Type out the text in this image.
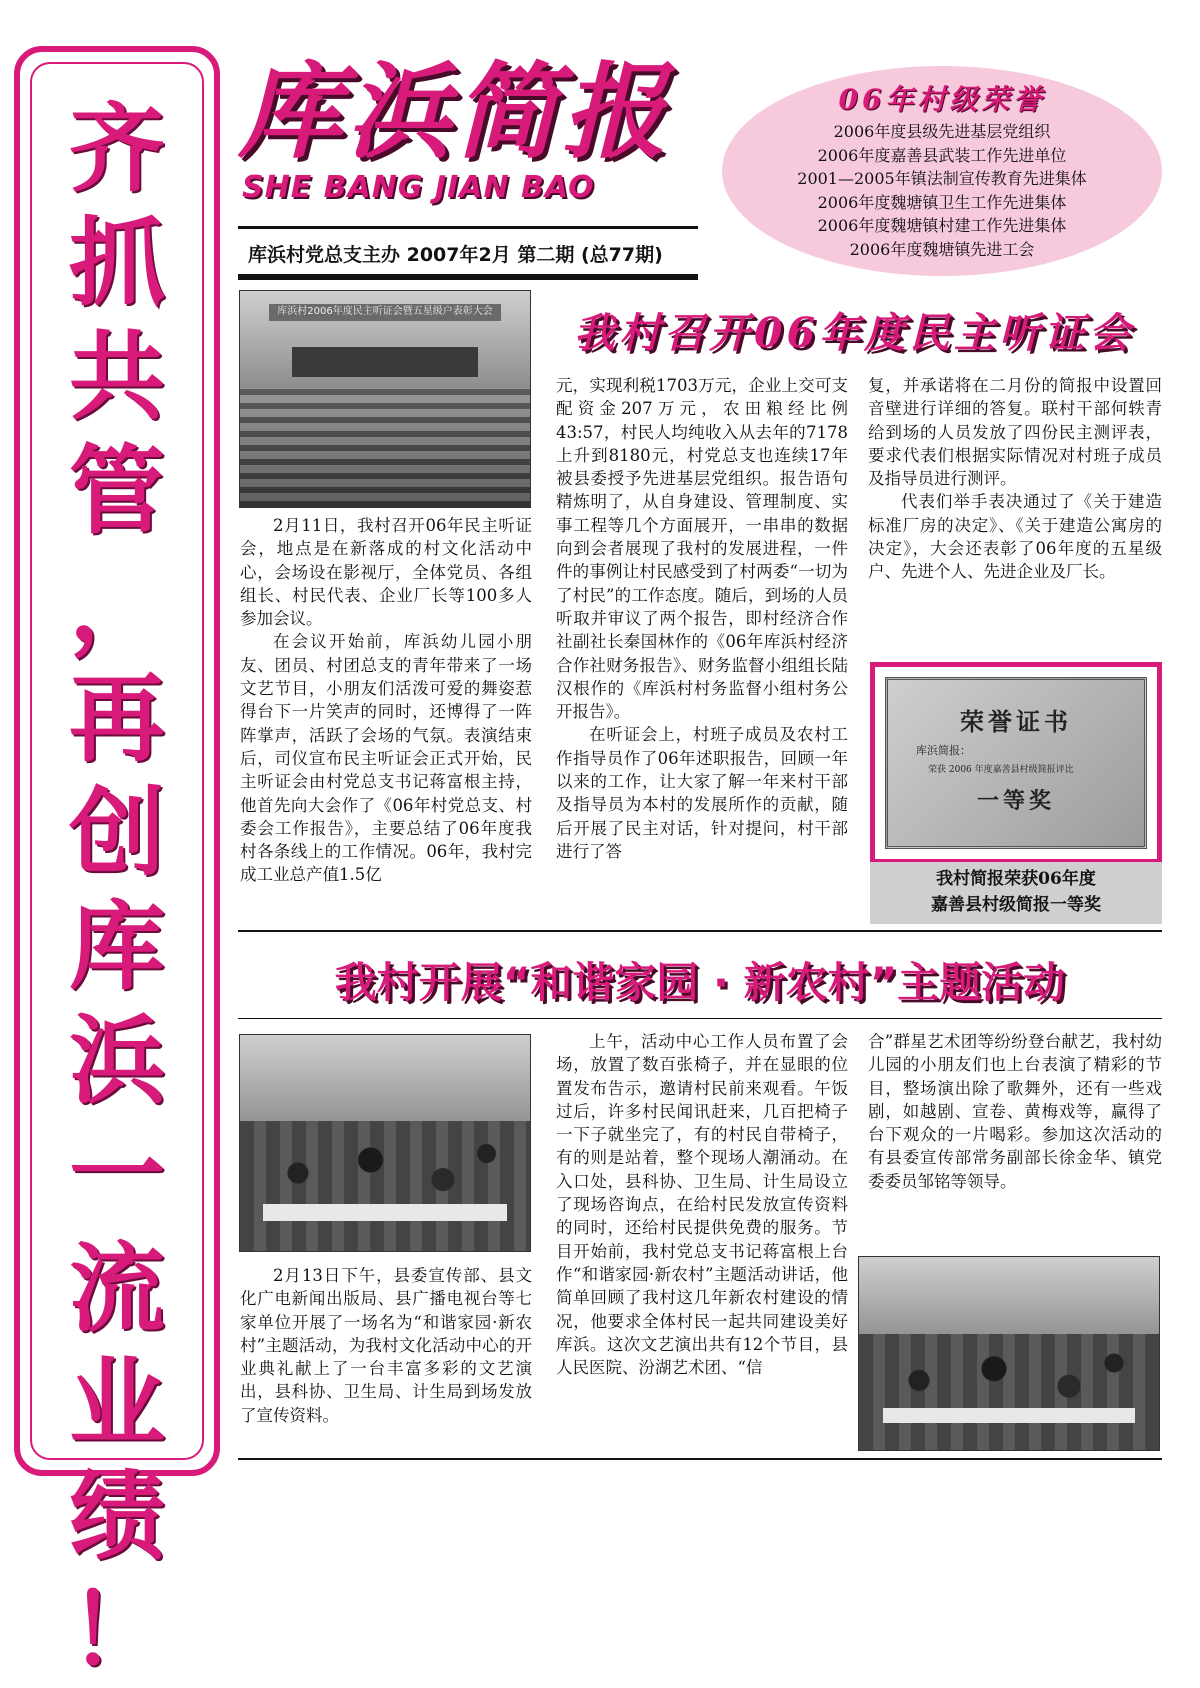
齐
抓
共
管
，
再
创
库
浜
一
流
业
绩
！
库浜简报
SHE BANG JIAN BAO
库浜村党总支主办 2007年2月 第二期 (总77期)
06年村级荣誉
2006年度县级先进基层党组织
2006年度嘉善县武装工作先进单位
2001—2005年镇法制宣传教育先进集体
2006年度魏塘镇卫生工作先进集体
2006年度魏塘镇村建工作先进集体
2006年度魏塘镇先进工会
库浜村2006年度民主听证会暨五星级户表彰大会	我村召开06年度民主听证会

2月11日，我村召开06年民主听证会，地点是在新落成的村文化活动中心，会场设在影视厅，全体党员、各组组长、村民代表、企业厂长等100多人参加会议。

在会议开始前，库浜幼儿园小朋友、团员、村团总支的青年带来了一场文艺节目，小朋友们活泼可爱的舞姿惹得台下一片笑声的同时，还博得了一阵阵掌声，活跃了会场的气氛。表演结束后，司仪宣布民主听证会正式开始，民主听证会由村党总支书记蒋富根主持，他首先向大会作了《06年村党总支、村委会工作报告》，主要总结了06年度我村各条线上的工作情况。06年，我村完成工业总产值1.5亿

元，实现利税1703万元，企业上交可支配资金207万元，农田粮经比例43:57，村民人均纯收入从去年的7178上升到8180元，村党总支也连续17年被县委授予先进基层党组织。报告语句精炼明了，从自身建设、管理制度、实事工程等几个方面展开，一串串的数据向到会者展现了我村的发展进程，一件件的事例让村民感受到了村两委“一切为了村民”的工作态度。随后，到场的人员听取并审议了两个报告，即村经济合作社副社长秦国林作的《06年库浜村经济合作社财务报告》、财务监督小组组长陆汉根作的《库浜村村务监督小组村务公开报告》。

在听证会上，村班子成员及农村工作指导员作了06年述职报告，回顾一年以来的工作，让大家了解一年来村干部及指导员为本村的发展所作的贡献，随后开展了民主对话，针对提问，村干部进行了答

复，并承诺将在二月份的简报中设置回音壁进行详细的答复。联村干部何轶青给到场的人员发放了四份民主测评表，要求代表们根据实际情况对村班子成员及指导员进行测评。

代表们举手表决通过了《关于建造标准厂房的决定》、《关于建造公寓房的决定》，大会还表彰了06年度的五星级户、先进个人、先进企业及厂长。

荣誉证书
库浜简报：
荣获 2006 年度嘉善县村级简报评比
一等奖
我村简报荣获06年度
嘉善县村级简报一等奖
我村开展“和谐家园 · 新农村”主题活动

2月13日下午，县委宣传部、县文化广电新闻出版局、县广播电视台等七家单位开展了一场名为“和谐家园·新农村”主题活动，为我村文化活动中心的开业典礼献上了一台丰富多彩的文艺演出，县科协、卫生局、计生局到场发放了宣传资料。

上午，活动中心工作人员布置了会场，放置了数百张椅子，并在显眼的位置发布告示，邀请村民前来观看。午饭过后，许多村民闻讯赶来，几百把椅子一下子就坐完了，有的村民自带椅子，有的则是站着，整个现场人潮涌动。在入口处，县科协、卫生局、计生局设立了现场咨询点，在给村民发放宣传资料的同时，还给村民提供免费的服务。节目开始前，我村党总支书记蒋富根上台作“和谐家园·新农村”主题活动讲话，他简单回顾了我村这几年新农村建设的情况，他要求全体村民一起共同建设美好库浜。这次文艺演出共有12个节目，县人民医院、汾湖艺术团、“信

合”群星艺术团等纷纷登台献艺，我村幼儿园的小朋友们也上台表演了精彩的节目，整场演出除了歌舞外，还有一些戏剧，如越剧、宣卷、黄梅戏等，赢得了台下观众的一片喝彩。参加这次活动的有县委宣传部常务副部长徐金华、镇党委委员邹铭等领导。
